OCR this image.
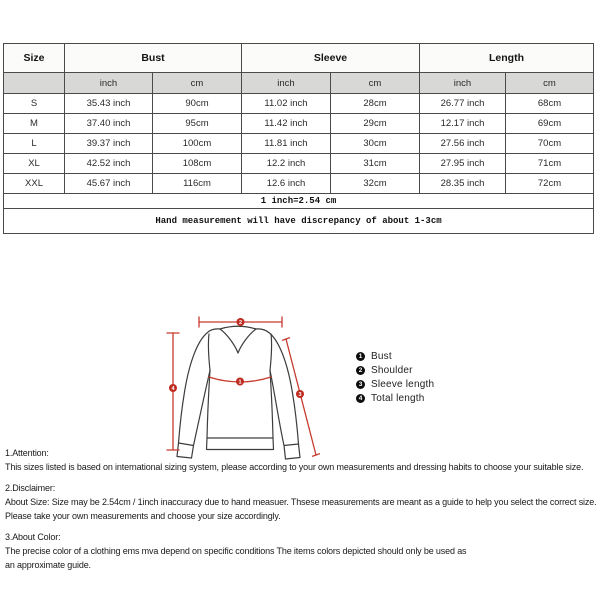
Size	Bust		Sleeve		Length	
	inch	cm	inch	cm	inch	cm
S	35.43 inch	90cm	11.02 inch	28cm	26.77 inch	68cm
M	37.40 inch	95cm	11.42 inch	29cm	12.17 inch	69cm
L	39.37 inch	100cm	11.81 inch	30cm	27.56 inch	70cm
XL	42.52 inch	108cm	12.2 inch	31cm	27.95 inch	71cm
XXL	45.67 inch	116cm	12.6 inch	32cm	28.35 inch	72cm
1 inch=2.54 cm						
Hand measurement will have discrepancy of about 1-3cm						
1
2
3
4
1 Bust
2 Shoulder
3 Sleeve length
4 Total length
1.Attention:
This sizes listed is based on international sizing system, please according to your own measurements and dressing habits to choose your suitable size.
2.Disclaimer:
About Size: Size may be 2.54cm / 1inch inaccuracy due to hand measuer. Thsese measurements are meant as a guide to help you select the correct size.
Please take your own measurements and choose your size accordingly.
3.About Color:
The precise color of a clothing ems mva depend on specific conditions The items colors depicted should only be used as
an approximate guide.
